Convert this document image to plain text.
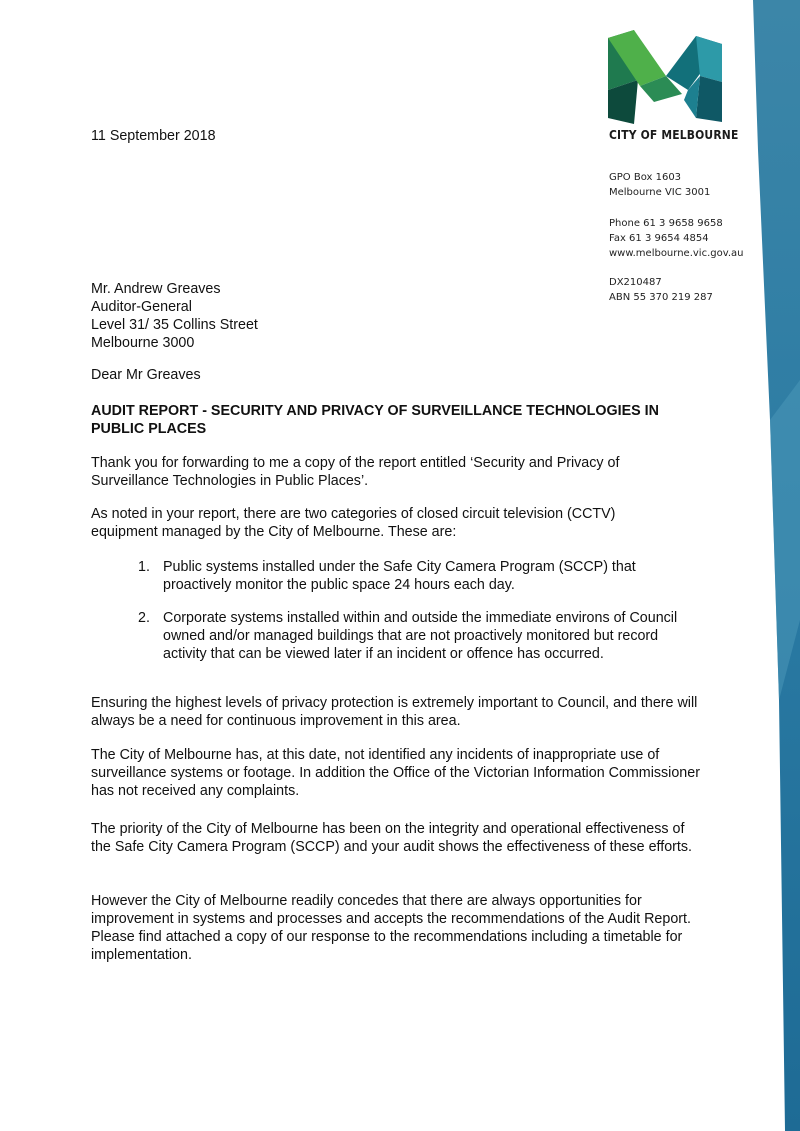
CITY OF MELBOURNE
GPO Box 1603
Melbourne VIC 3001
Phone 61 3 9658 9658
Fax 61 3 9654 4854
www.melbourne.vic.gov.au
DX210487
ABN 55 370 219 287
11 September 2018
Mr. Andrew Greaves
Auditor-General
Level 31/ 35 Collins Street
Melbourne 3000

Dear Mr Greaves

AUDIT REPORT - SECURITY AND PRIVACY OF SURVEILLANCE TECHNOLOGIES IN PUBLIC PLACES

Thank you for forwarding to me a copy of the report entitled ‘Security and Privacy of Surveillance Technologies in Public Places’.

As noted in your report, there are two categories of closed circuit television (CCTV) equipment managed by the City of Melbourne. These are:

1. Public systems installed under the Safe City Camera Program (SCCP) that proactively monitor the public space 24 hours each day.
2. Corporate systems installed within and outside the immediate environs of Council owned and/or managed buildings that are not proactively monitored but record activity that can be viewed later if an incident or offence has occurred.

Ensuring the highest levels of privacy protection is extremely important to Council, and there will always be a need for continuous improvement in this area.

The City of Melbourne has, at this date, not identified any incidents of inappropriate use of surveillance systems or footage. In addition the Office of the Victorian Information Commissioner has not received any complaints.

The priority of the City of Melbourne has been on the integrity and operational effectiveness of the Safe City Camera Program (SCCP) and your audit shows the effectiveness of these efforts.

However the City of Melbourne readily concedes that there are always opportunities for improvement in systems and processes and accepts the recommendations of the Audit Report. Please find attached a copy of our response to the recommendations including a timetable for implementation.
